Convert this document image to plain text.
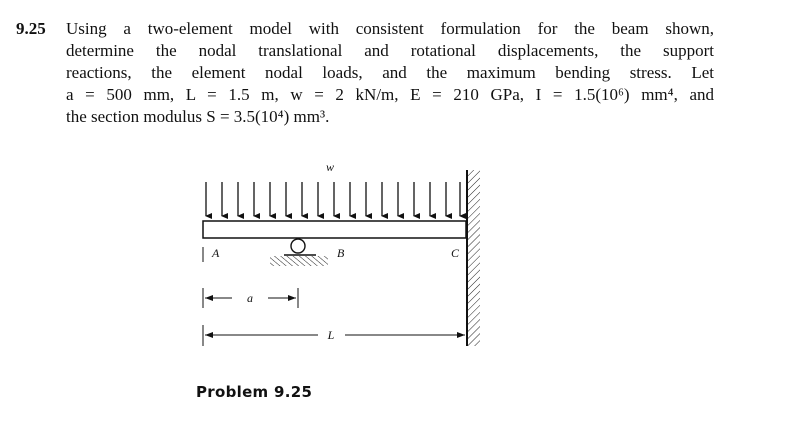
9.25 Using a two-element model with consistent formulation for the beam shown,
determine the nodal translational and rotational displacements, the support
reactions, the element nodal loads, and the maximum bending stress. Let
a = 500 mm, L = 1.5 m, w = 2 kN/m, E = 210 GPa, I = 1.5(10⁶) mm⁴, and
the section modulus S = 3.5(10⁴) mm³.
w
A	B	C
a
L
Problem 9.25
